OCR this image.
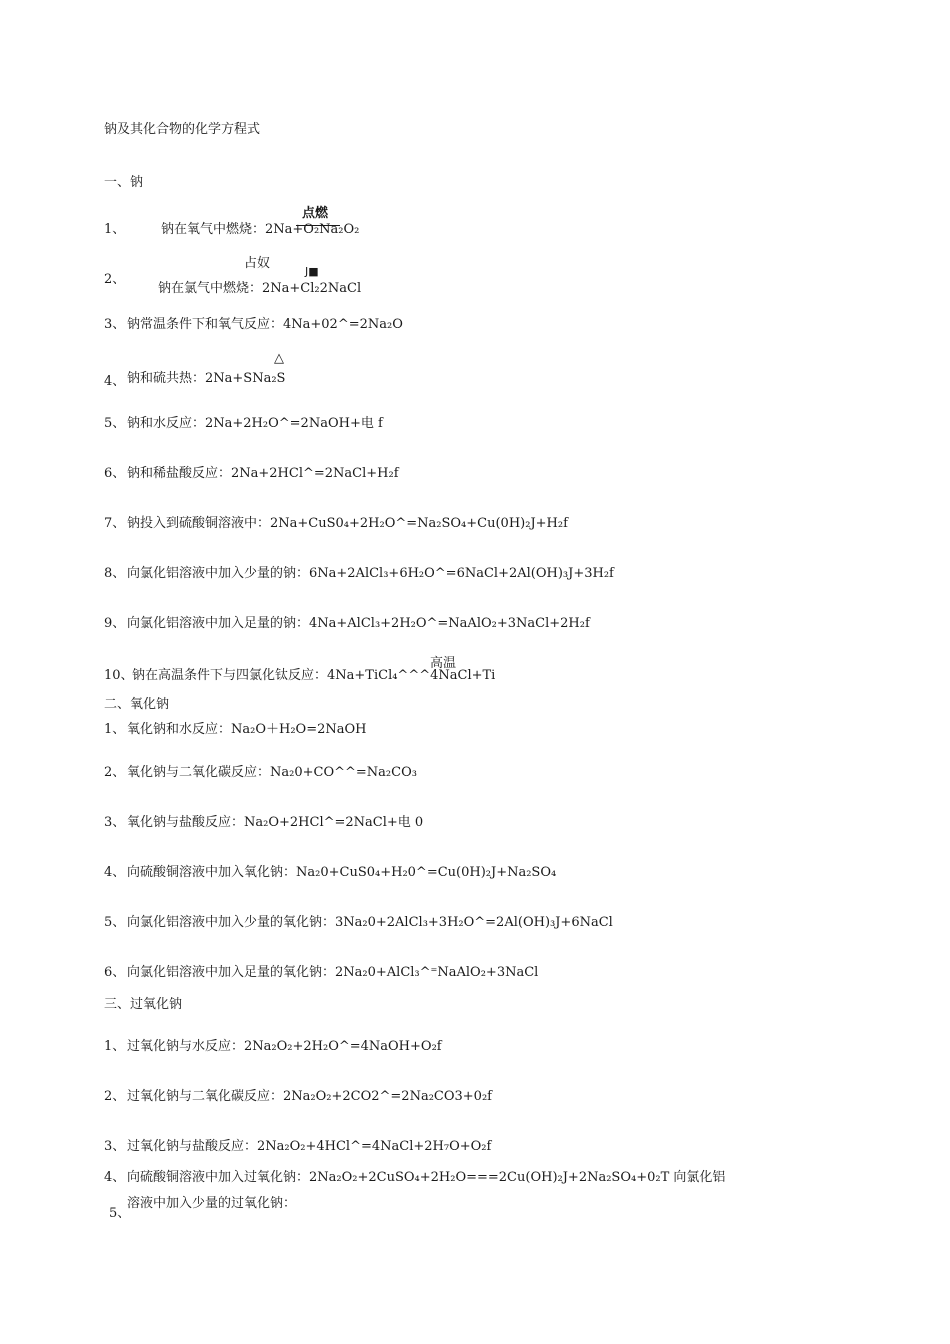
钠及其化合物的化学方程式
一、钠
点燃
1、	钠在氧气中燃烧：2Na+O₂Na₂O₂
占奴
J■
2、
钠在氯气中燃烧：2Na+Cl₂2NaCl
3、 钠常温条件下和氧气反应：4Na+02^=2Na₂O
△
4、 钠和硫共热：2Na+SNa₂S
5、 钠和水反应：2Na+2H₂O^=2NaOH+电 f
6、 钠和稀盐酸反应：2Na+2HCl^=2NaCl+H₂f
7、 钠投入到硫酸铜溶液中：2Na+CuS0₄+2H₂O^=Na₂SO₄+Cu(0H)₂J+H₂f
8、 向氯化铝溶液中加入少量的钠：6Na+2AlCl₃+6H₂O^=6NaCl+2Al(OH)₃J+3H₂f
9、 向氯化铝溶液中加入足量的钠：4Na+AlCl₃+2H₂O^=NaAlO₂+3NaCl+2H₂f
高温
10、
钠在高温条件下与四氯化钛反应：4Na+TiCl₄^^^4NaCl+Ti
二、氧化钠
1、 氧化钠和水反应：Na₂O＋H₂O=2NaOH
2、 氧化钠与二氧化碳反应：Na₂0+CO^^=Na₂CO₃
3、 氧化钠与盐酸反应：Na₂O+2HCl^=2NaCl+电 0
4、 向硫酸铜溶液中加入氧化钠：Na₂0+CuS0₄+H₂0^=Cu(0H)₂J+Na₂SO₄
5、 向氯化铝溶液中加入少量的氧化钠：3Na₂0+2AlCl₃+3H₂O^=2Al(OH)₃J+6NaCl
6、 向氯化铝溶液中加入足量的氧化钠：2Na₂0+AlCl₃^⁼NaAlO₂+3NaCl
三、过氧化钠
1、 过氧化钠与水反应：2Na₂O₂+2H₂O^=4NaOH+O₂f
2、 过氧化钠与二氧化碳反应：2Na₂O₂+2CO2^=2Na₂CO3+0₂f
3、 过氧化钠与盐酸反应：2Na₂O₂+4HCl^=4NaCl+2H₇O+O₂f
4、 向硫酸铜溶液中加入过氧化钠：2Na₂O₂+2CuSO₄+2H₂O===2Cu(OH)₂J+2Na₂SO₄+0₂T 向氯化铝
溶液中加入少量的过氧化钠：
5、
